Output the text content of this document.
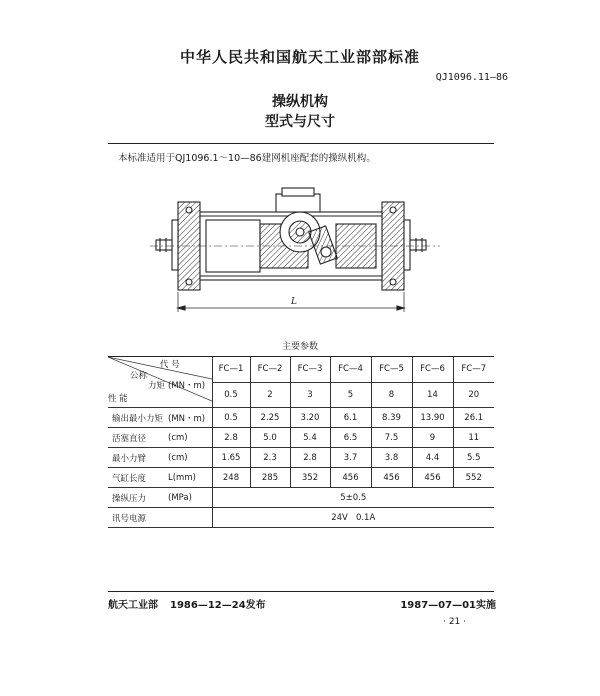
中华人民共和国航天工业部部标准
QJ1096.11—86
操纵机构
型式与尺寸
本标准适用于QJ1096.1～10—86建网机座配套的操纵机构。
L
主要参数
代 号
公称
力矩 (MN・m)
性 能		FC—1	FC—2	FC—3	FC—4	FC—5	FC—6	FC—7
		0.5	2	3	5	8	14	20
输出最小力矩	(MN・m)	0.5	2.25	3.20	6.1	8.39	13.90	26.1
活塞直径	(cm)	2.8	5.0	5.4	6.5	7.5	9	11
最小力臂	(cm)	1.65	2.3	2.8	3.7	3.8	4.4	5.5
气缸长度	L(mm)	248	285	352	456	456	456	552
操纵压力	(MPa)	5±0.5						
讯号电源		24V   0.1A						
航天工业部 1986—12—24发布	1987—07—01实施
· 21 ·
